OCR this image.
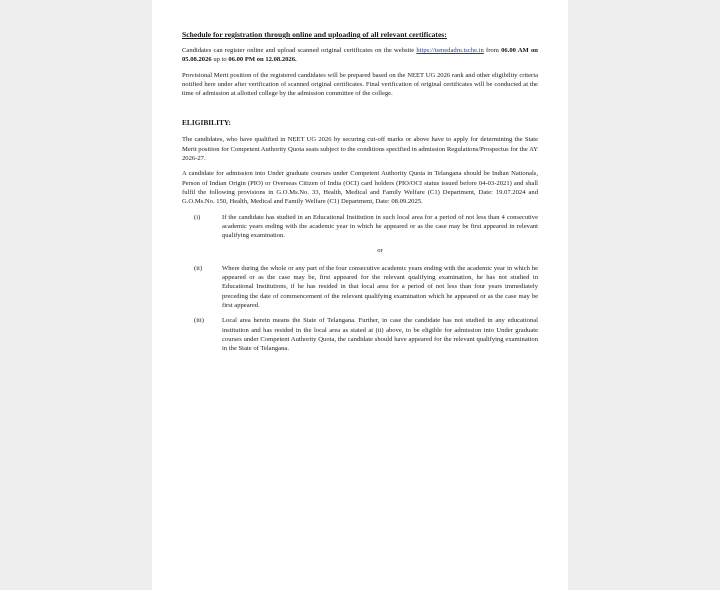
Schedule for registration through online and uploading of all relevant certificates:

Candidates can register online and upload scanned original certificates on the website https://tsmedadm.tsche.in from 06.00 AM on 05.08.2026 up to 06.00 PM on 12.08.2026.

Provisional Merit position of the registered candidates will be prepared based on the NEET UG 2026 rank and other eligibility criteria notified here under after verification of scanned original certificates. Final verification of original certificates will be conducted at the time of admission at allotted college by the admission committee of the college.

ELIGIBILITY:

The candidates, who have qualified in NEET UG 2026 by securing cut-off marks or above have to apply for determining the State Merit position for Competent Authority Quota seats subject to the conditions specified in admission Regulations/Prospectus for the AY 2026-27.

A candidate for admission into Under graduate courses under Competent Authority Quota in Telangana should be Indian Nationals, Person of Indian Origin (PIO) or Overseas Citizen of India (OCI) card holders (PIO/OCI status issued before 04-03-2021) and shall fulfil the following provisions in G.O.Ms.No. 33, Health, Medical and Family Welfare (C1) Department, Date: 19.07.2024 and G.O.Ms.No. 150, Health, Medical and Family Welfare (C1) Department, Date: 08.09.2025.

(i)	If the candidate has studied in an Educational Institution in such local area for a period of not less than 4 consecutive academic years ending with the academic year in which he appeared or as the case may be first appeared in relevant qualifying examination.

or
(ii)	Where during the whole or any part of the four consecutive academic years ending with the academic year in which he appeared or as the case may be, first appeared for the relevant qualifying examination, he has not studied in Educational Institutions, if he has resided in that local area for a period of not less than four years immediately preceding the date of commencement of the relevant qualifying examination which he appeared or as the case may be first appeared.

(iii)	Local area herein means the State of Telangana. Further, in case the candidate has not studied in any educational institution and has resided in the local area as stated at (ii) above, to be eligible for admission into Under graduate courses under Competent Authority Quota, the candidate should have appeared for the relevant qualifying examination in the State of Telangana.
